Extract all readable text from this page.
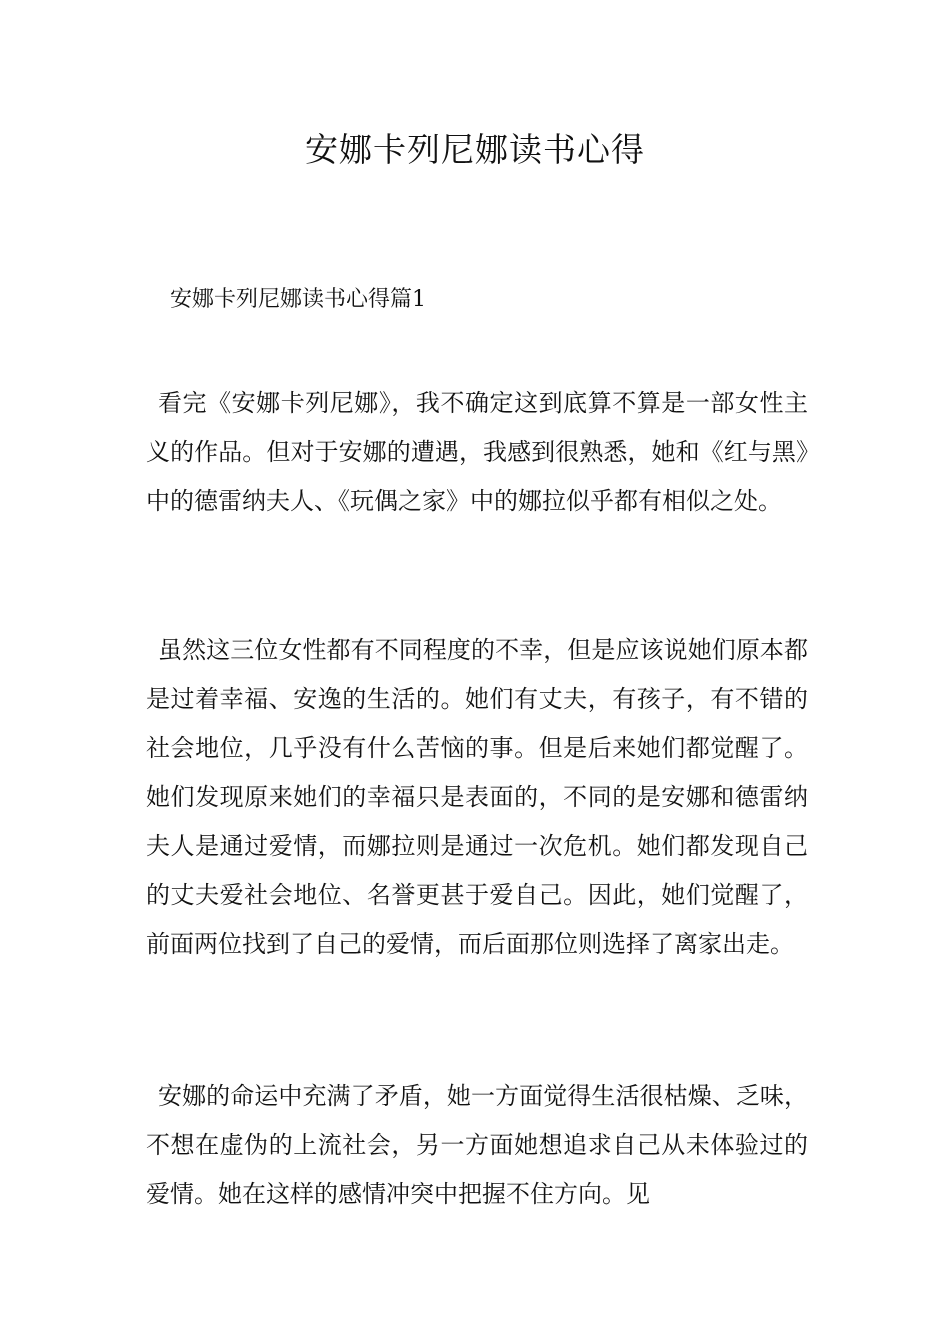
安娜卡列尼娜读书心得

安娜卡列尼娜读书心得篇1

看完《安娜卡列尼娜》，我不确定这到底算不算是一部女性主义的作品。但对于安娜的遭遇，我感到很熟悉，她和《红与黑》中的德雷纳夫人、《玩偶之家》中的娜拉似乎都有相似之处。

虽然这三位女性都有不同程度的不幸，但是应该说她们原本都是过着幸福、安逸的生活的。她们有丈夫，有孩子，有不错的社会地位，几乎没有什么苦恼的事。但是后来她们都觉醒了。她们发现原来她们的幸福只是表面的，不同的是安娜和德雷纳夫人是通过爱情，而娜拉则是通过一次危机。她们都发现自己的丈夫爱社会地位、名誉更甚于爱自己。因此，她们觉醒了，前面两位找到了自己的爱情，而后面那位则选择了离家出走。

安娜的命运中充满了矛盾，她一方面觉得生活很枯燥、乏味，不想在虚伪的上流社会，另一方面她想追求自己从未体验过的爱情。她在这样的感情冲突中把握不住方向。见
